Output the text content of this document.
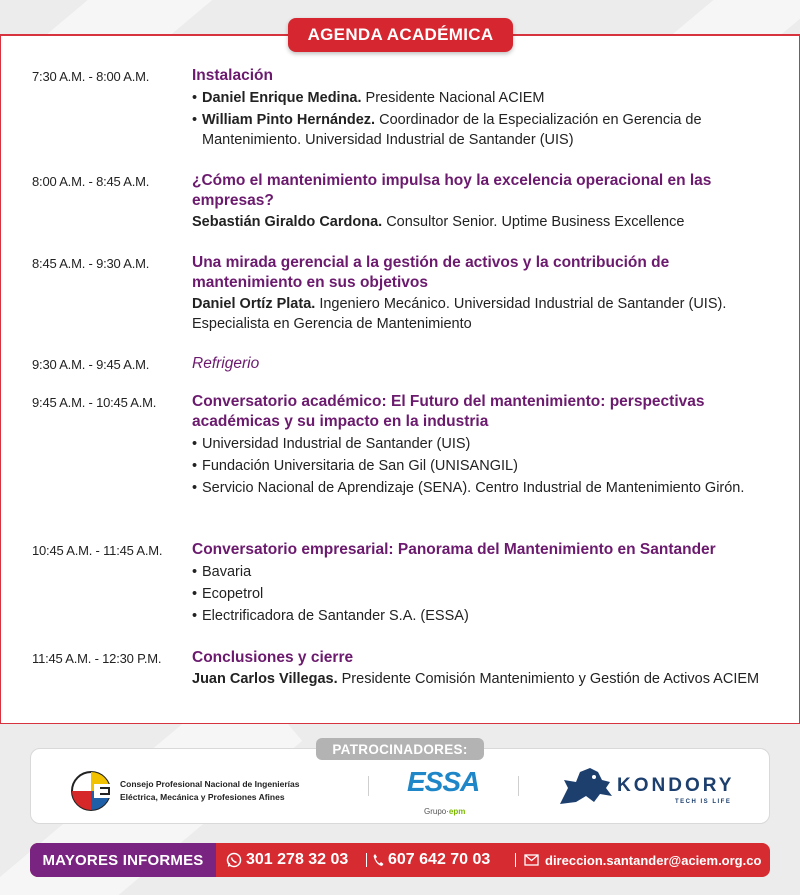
AGENDA ACADÉMICA
7:30 A.M. - 8:00 A.M.	Instalación
• Daniel Enrique Medina. Presidente Nacional ACIEM
• William Pinto Hernández. Coordinador de la Especialización en Gerencia de Mantenimiento. Universidad Industrial de Santander (UIS)
8:00 A.M. - 8:45 A.M.	¿Cómo el mantenimiento impulsa hoy la excelencia operacional en las empresas?
Sebastián Giraldo Cardona. Consultor Senior. Uptime Business Excellence
8:45 A.M. - 9:30 A.M.	Una mirada gerencial a la gestión de activos y la contribución de mantenimiento en sus objetivos
Daniel Ortíz Plata. Ingeniero Mecánico. Universidad Industrial de Santander (UIS). Especialista en Gerencia de Mantenimiento
9:30 A.M. - 9:45 A.M.	Refrigerio
9:45 A.M. - 10:45 A.M. Conversatorio académico: El Futuro del mantenimiento: perspectivas académicas y su impacto en la industria
• Universidad Industrial de Santander (UIS)
• Fundación Universitaria de San Gil (UNISANGIL)
• Servicio Nacional de Aprendizaje (SENA). Centro Industrial de Mantenimiento Girón.
10:45 A.M. - 11:45 A.M. Conversatorio empresarial: Panorama del Mantenimiento en Santander
• Bavaria
• Ecopetrol
• Electrificadora de Santander S.A. (ESSA)
11:45 A.M. - 12:30 P.M. Conclusiones y cierre
Juan Carlos Villegas. Presidente Comisión Mantenimiento y Gestión de Activos ACIEM
PATROCINADORES:
Consejo Profesional Nacional de Ingenierías
Eléctrica, Mecánica y Profesiones Afines	ESSA
Grupo·epm
KONDORY
TECH IS LIFE
MAYORES INFORMES	301 278 32 03 607 642 70 03	direccion.santander@aciem.org.co
